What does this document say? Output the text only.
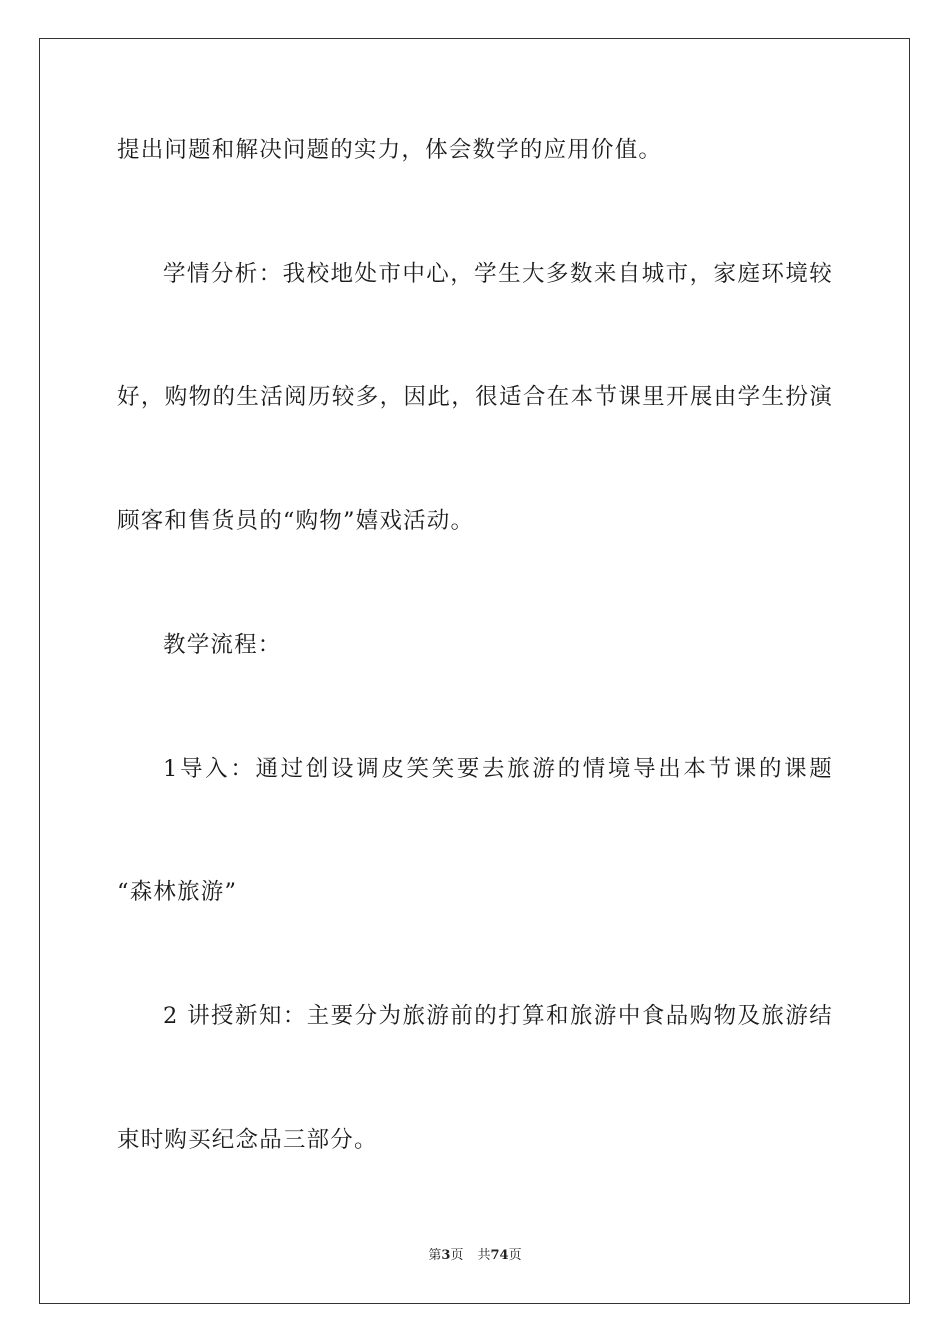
提出问题和解决问题的实力，体会数学的应用价值。
学情分析：我校地处市中心，学生大多数来自城市，家庭环境较
好，购物的生活阅历较多，因此，很适合在本节课里开展由学生扮演
顾客和售货员的“购物”嬉戏活动。
教学流程：
1导入：通过创设调皮笑笑要去旅游的情境导出本节课的课题
“森林旅游”
2 讲授新知：主要分为旅游前的打算和旅游中食品购物及旅游结
束时购买纪念品三部分。
第3页 共74页
